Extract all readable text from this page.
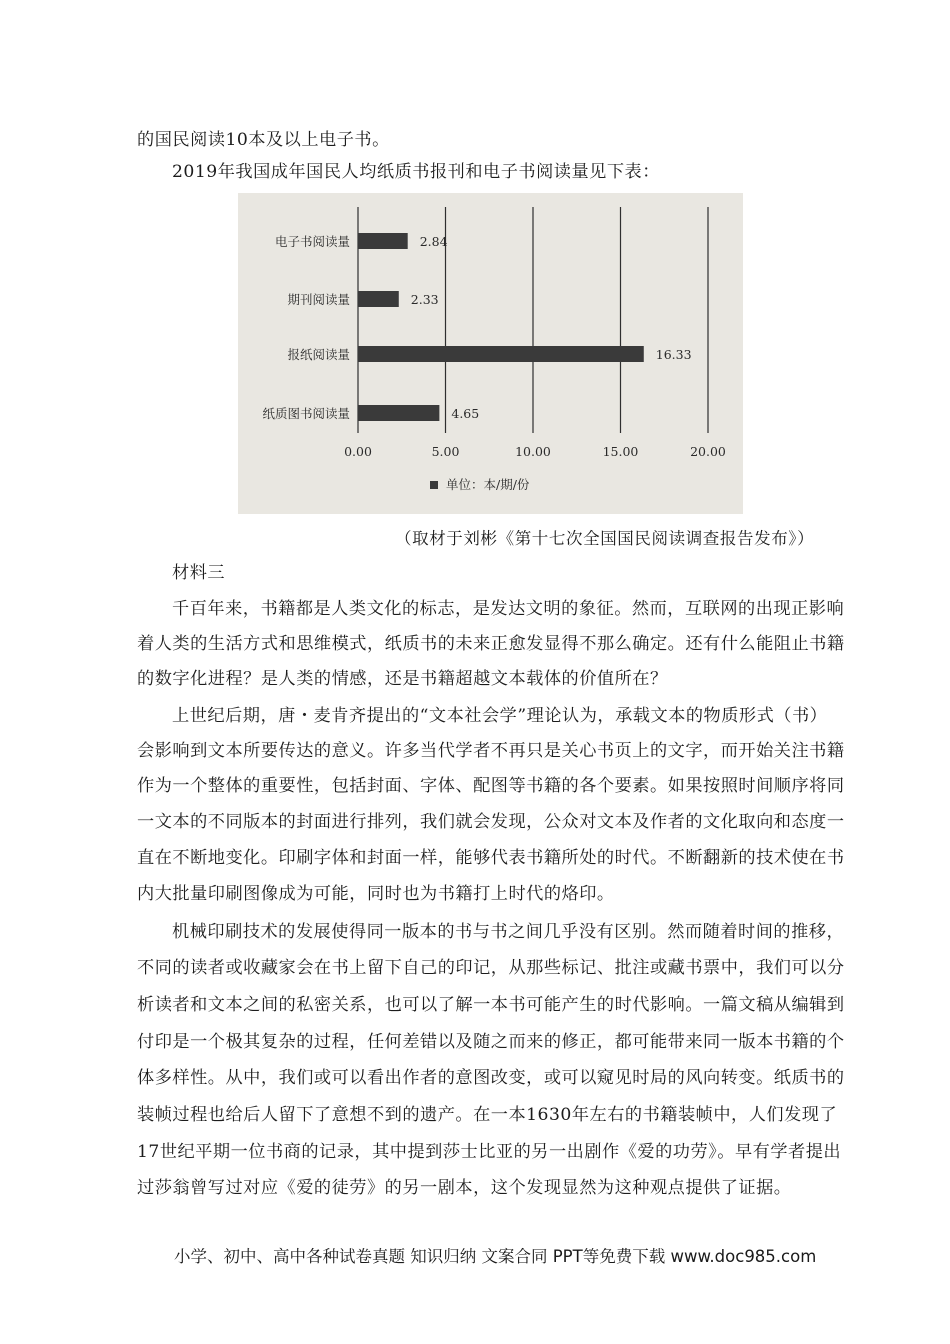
的国民阅读10本及以上电子书。
2019年我国成年国民人均纸质书报刊和电子书阅读量见下表：
电子书阅读量	2.84
期刊阅读量	2.33
报纸阅读量	16.33
纸质图书阅读量	4.65
0.00	5.00	10.00	15.00	20.00
单位：本/期/份
（取材于刘彬《第十七次全国国民阅读调查报告发布》）
材料三
千百年来，书籍都是人类文化的标志，是发达文明的象征。然而，互联网的出现正影响
着人类的生活方式和思维模式，纸质书的未来正愈发显得不那么确定。还有什么能阻止书籍
的数字化进程？是人类的情感，还是书籍超越文本载体的价值所在？
上世纪后期，唐・麦肯齐提出的“文本社会学”理论认为，承载文本的物质形式（书）
会影响到文本所要传达的意义。许多当代学者不再只是关心书页上的文字，而开始关注书籍
作为一个整体的重要性，包括封面、字体、配图等书籍的各个要素。如果按照时间顺序将同
一文本的不同版本的封面进行排列，我们就会发现，公众对文本及作者的文化取向和态度一
直在不断地变化。印刷字体和封面一样，能够代表书籍所处的时代。不断翻新的技术使在书
内大批量印刷图像成为可能，同时也为书籍打上时代的烙印。
机械印刷技术的发展使得同一版本的书与书之间几乎没有区别。然而随着时间的推移，
不同的读者或收藏家会在书上留下自己的印记，从那些标记、批注或藏书票中，我们可以分
析读者和文本之间的私密关系，也可以了解一本书可能产生的时代影响。一篇文稿从编辑到
付印是一个极其复杂的过程，任何差错以及随之而来的修正，都可能带来同一版本书籍的个
体多样性。从中，我们或可以看出作者的意图改变，或可以窥见时局的风向转变。纸质书的
装帧过程也给后人留下了意想不到的遗产。在一本1630年左右的书籍装帧中，人们发现了
17世纪平期一位书商的记录，其中提到莎士比亚的另一出剧作《爱的功劳》。早有学者提出
过莎翁曾写过对应《爱的徒劳》的另一剧本，这个发现显然为这种观点提供了证据。
小学、初中、高中各种试卷真题 知识归纳 文案合同 PPT等免费下载 www.doc985.com
